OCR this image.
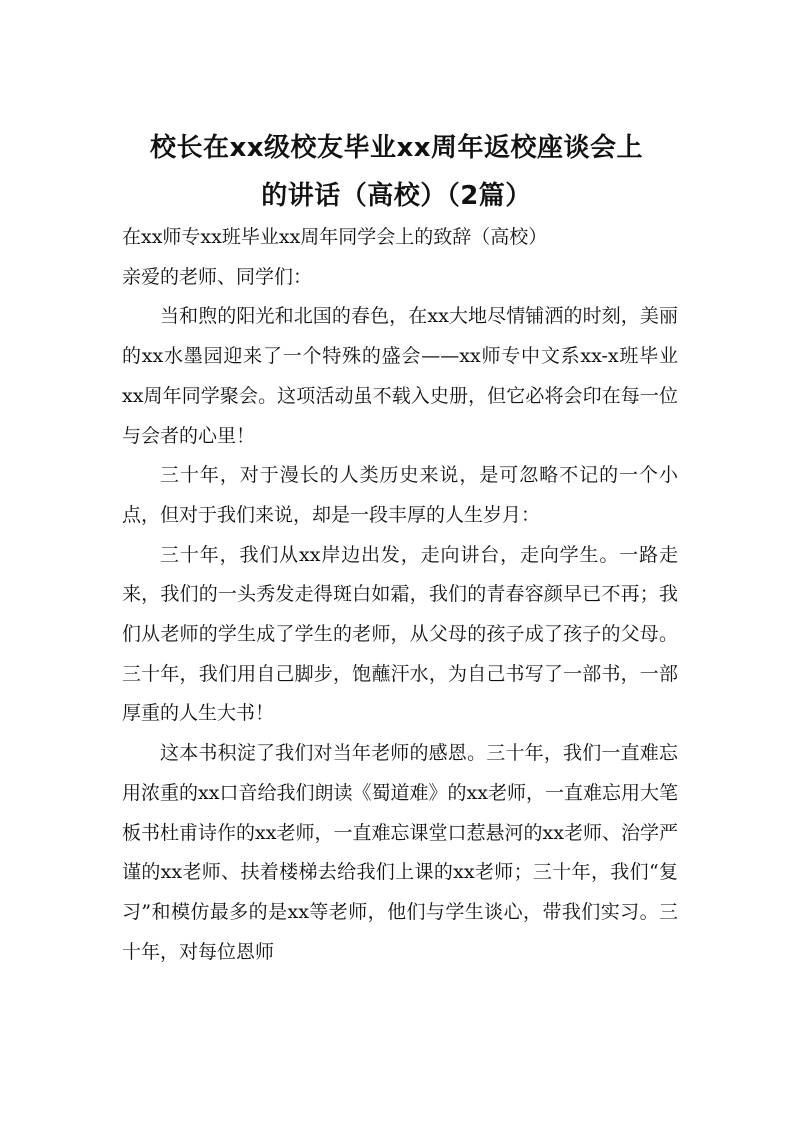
校长在xx级校友毕业xx周年返校座谈会上
的讲话（高校）（2篇）

在xx师专xx班毕业xx周年同学会上的致辞（高校）

亲爱的老师、同学们：

当和煦的阳光和北国的春色，在xx大地尽情铺洒的时刻，美丽的xx水墨园迎来了一个特殊的盛会——xx师专中文系xx-x班毕业xx周年同学聚会。这项活动虽不载入史册，但它必将会印在每一位与会者的心里！

三十年，对于漫长的人类历史来说，是可忽略不记的一个小点，但对于我们来说，却是一段丰厚的人生岁月：

三十年，我们从xx岸边出发，走向讲台，走向学生。一路走来，我们的一头秀发走得斑白如霜，我们的青春容颜早已不再；我们从老师的学生成了学生的老师，从父母的孩子成了孩子的父母。三十年，我们用自己脚步，饱蘸汗水，为自己书写了一部书，一部厚重的人生大书！

这本书积淀了我们对当年老师的感恩。三十年，我们一直难忘用浓重的xx口音给我们朗读《蜀道难》的xx老师，一直难忘用大笔板书杜甫诗作的xx老师，一直难忘课堂口惹悬河的xx老师、治学严谨的xx老师、扶着楼梯去给我们上课的xx老师；三十年，我们“复习”和模仿最多的是xx等老师，他们与学生谈心，带我们实习。三十年，对每位恩师
